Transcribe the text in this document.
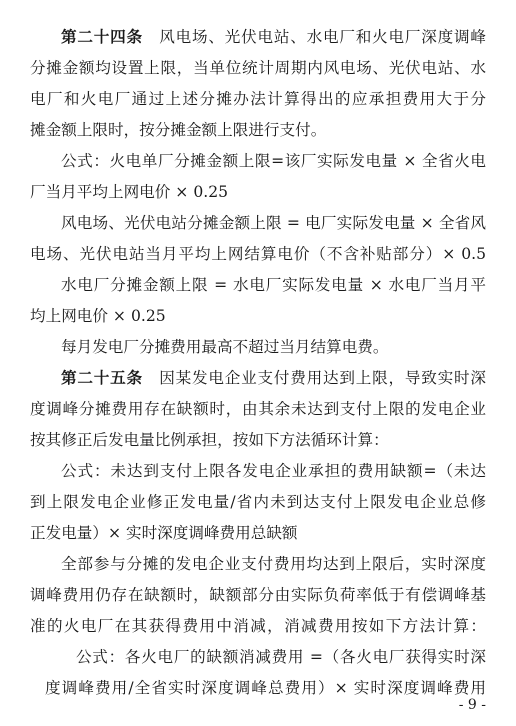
第二十四条　 风电场、光伏电站、水电厂和火电厂深度调峰
分摊金额均设置上限，当单位统计周期内风电场、光伏电站、水
电厂和火电厂通过上述分摊办法计算得出的应承担费用大于分
摊金额上限时，按分摊金额上限进行支付。
公式：火电单厂分摊金额上限=该厂实际发电量 × 全省火电
厂当月平均上网电价 × 0.25
风电场、光伏电站分摊金额上限 = 电厂实际发电量 × 全省风
电场、光伏电站当月平均上网结算电价（不含补贴部分）× 0.5
水电厂分摊金额上限 = 水电厂实际发电量 × 水电厂当月平
均上网电价 × 0.25
每月发电厂分摊费用最高不超过当月结算电费。
第二十五条　 因某发电企业支付费用达到上限，导致实时深
度调峰分摊费用存在缺额时，由其余未达到支付上限的发电企业
按其修正后发电量比例承担，按如下方法循环计算：
公式：未达到支付上限各发电企业承担的费用缺额=（未达
到上限发电企业修正发电量/省内未到达支付上限发电企业总修
正发电量）× 实时深度调峰费用总缺额
全部参与分摊的发电企业支付费用均达到上限后，实时深度
调峰费用仍存在缺额时，缺额部分由实际负荷率低于有偿调峰基
准的火电厂在其获得费用中消减，消减费用按如下方法计算：
公式：各火电厂的缺额消减费用 =（各火电厂获得实时深
度调峰费用/全省实时深度调峰总费用）× 实时深度调峰费用
- 9 -
